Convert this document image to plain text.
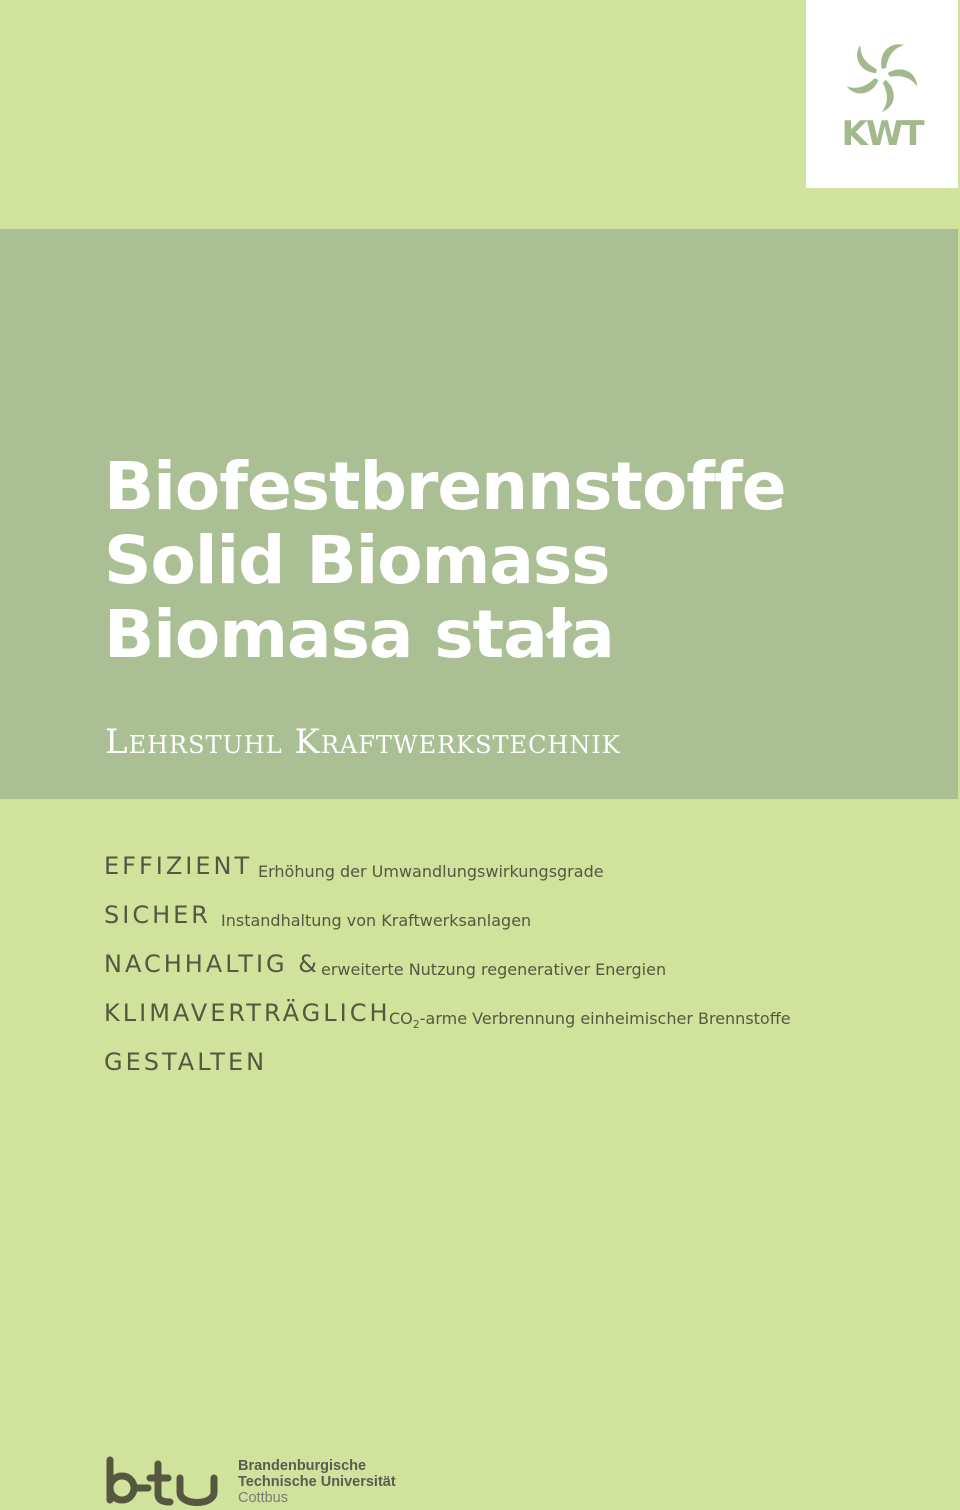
KWT
Biofestbrennstoffe
Solid Biomass
Biomasa stała
Lehrstuhl Kraftwerkstechnik
EFFIZIENT Erhöhung der Umwandlungswirkungsgrade
SICHER Instandhaltung von Kraftwerksanlagen
NACHHALTIG & erweiterte Nutzung regenerativer Energien
KLIMAVERTRÄGLICH
$CO_2$-arme Verbrennung einheimischer Brennstoffe
GESTALTEN
Brandenburgische
Technische Universität
Cottbus
